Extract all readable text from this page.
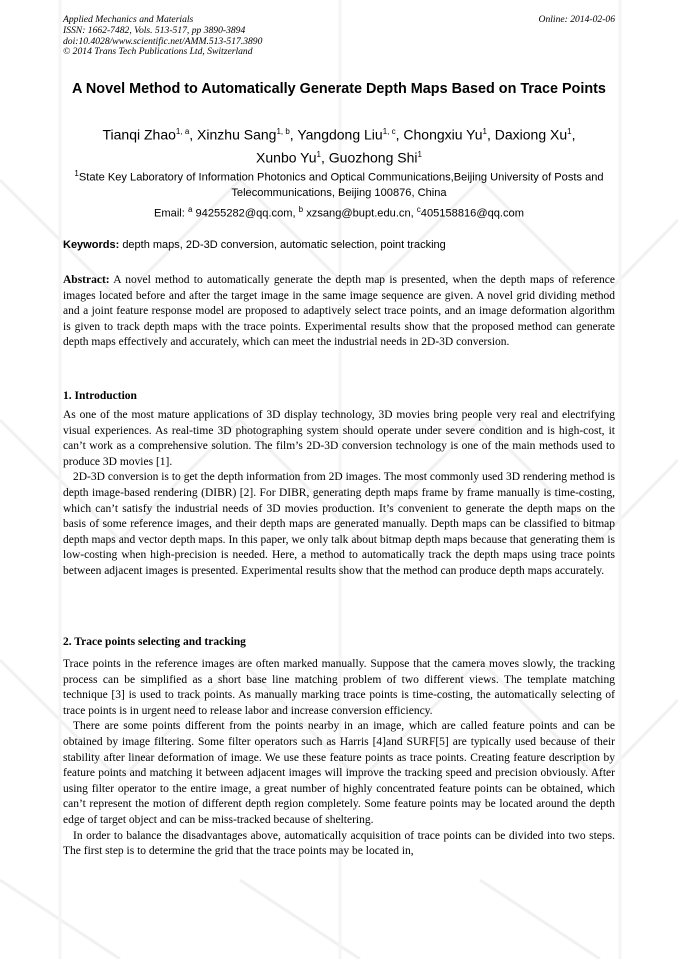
Applied Mechanics and Materials
ISSN: 1662-7482, Vols. 513-517, pp 3890-3894
doi:10.4028/www.scientific.net/AMM.513-517.3890
© 2014 Trans Tech Publications Ltd, Switzerland
Online: 2014-02-06
A Novel Method to Automatically Generate Depth Maps Based on Trace Points
Tianqi Zhao$^{1, a}$, Xinzhu Sang$^{1, b}$, Yangdong Liu$^{1, c}$, Chongxiu Yu$^1$, Daxiong Xu$^1$,
Xunbo Yu$^1$, Guozhong Shi$^1$
$^1$State Key Laboratory of Information Photonics and Optical Communications,Beijing University of Posts and Telecommunications, Beijing 100876, China
Email: $^a$ 94255282@qq.com, $^b$ xzsang@bupt.edu.cn, $^c$405158816@qq.com
Keywords: depth maps, 2D-3D conversion, automatic selection, point tracking
Abstract: A novel method to automatically generate the depth map is presented, when the depth maps of reference images located before and after the target image in the same image sequence are given. A novel grid dividing method and a joint feature response model are proposed to adaptively select trace points, and an image deformation algorithm is given to track depth maps with the trace points. Experimental results show that the proposed method can generate depth maps effectively and accurately, which can meet the industrial needs in 2D-3D conversion.
1. Introduction

As one of the most mature applications of 3D display technology, 3D movies bring people very real and electrifying visual experiences. As real-time 3D photographing system should operate under severe condition and is high-cost, it can’t work as a comprehensive solution. The film’s 2D-3D conversion technology is one of the main methods used to produce 3D movies [1].

2D-3D conversion is to get the depth information from 2D images. The most commonly used 3D rendering method is depth image-based rendering (DIBR) [2]. For DIBR, generating depth maps frame by frame manually is time-costing, which can’t satisfy the industrial needs of 3D movies production. It’s convenient to generate the depth maps on the basis of some reference images, and their depth maps are generated manually. Depth maps can be classified to bitmap depth maps and vector depth maps. In this paper, we only talk about bitmap depth maps because that generating them is low-costing when high-precision is needed. Here, a method to automatically track the depth maps using trace points between adjacent images is presented. Experimental results show that the method can produce depth maps accurately.

2. Trace points selecting and tracking

Trace points in the reference images are often marked manually. Suppose that the camera moves slowly, the tracking process can be simplified as a short base line matching problem of two different views. The template matching technique [3] is used to track points. As manually marking trace points is time-costing, the automatically selecting of trace points is in urgent need to release labor and increase conversion efficiency.

There are some points different from the points nearby in an image, which are called feature points and can be obtained by image filtering. Some filter operators such as Harris [4]and SURF[5] are typically used because of their stability after linear deformation of image. We use these feature points as trace points. Creating feature description by feature points and matching it between adjacent images will improve the tracking speed and precision obviously. After using filter operator to the entire image, a great number of highly concentrated feature points can be obtained, which can’t represent the motion of different depth region completely. Some feature points may be located around the depth edge of target object and can be miss-tracked because of sheltering.

In order to balance the disadvantages above, automatically acquisition of trace points can be divided into two steps. The first step is to determine the grid that the trace points may be located in,
